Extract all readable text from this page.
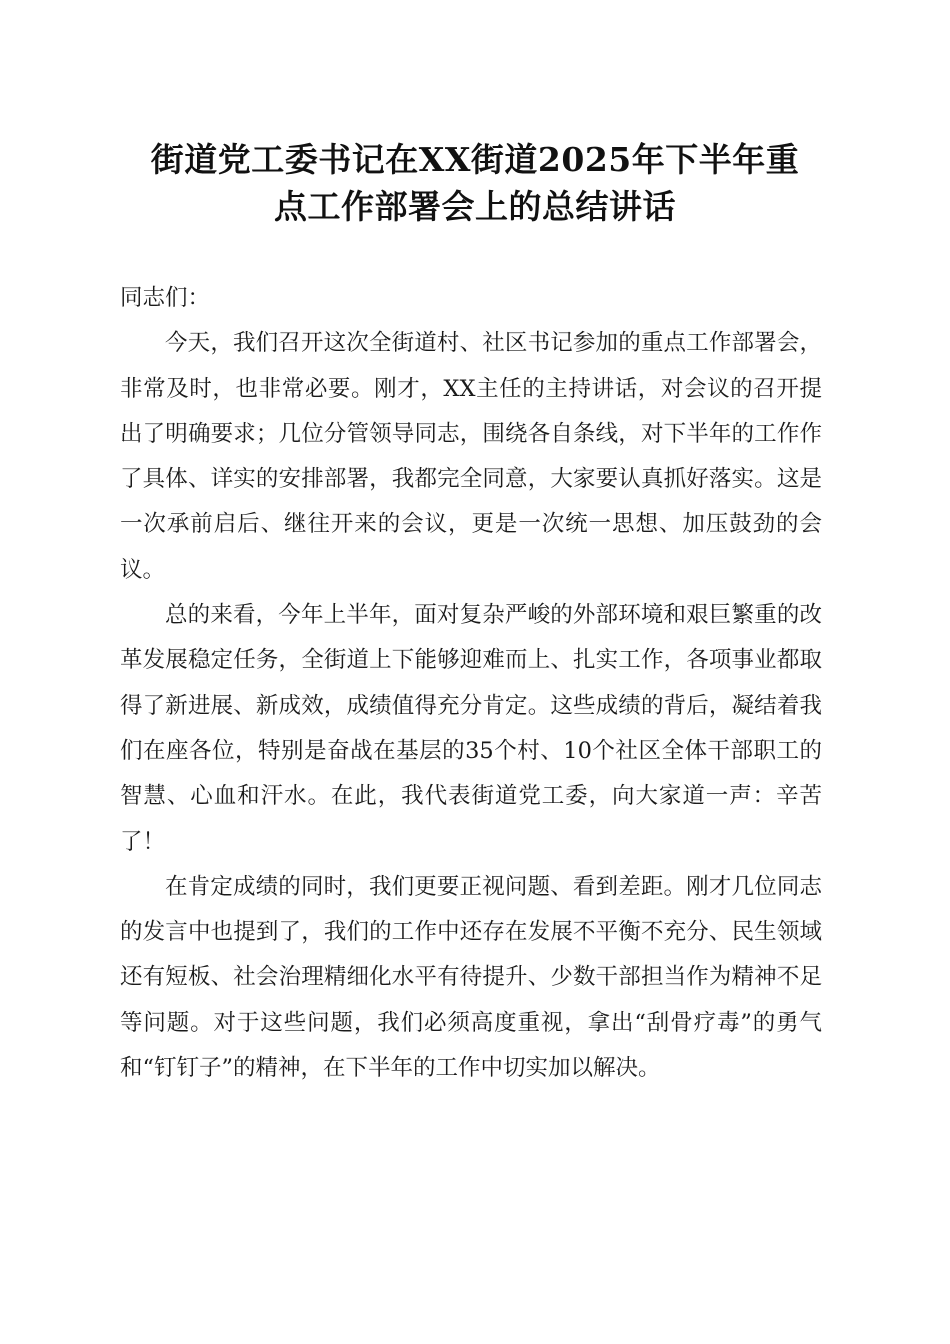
街道党工委书记在XX街道2025年下半年重
点工作部署会上的总结讲话

同志们：

今天，我们召开这次全街道村、社区书记参加的重点工作部署会，非常及时，也非常必要。刚才，XX主任的主持讲话，对会议的召开提出了明确要求；几位分管领导同志，围绕各自条线，对下半年的工作作了具体、详实的安排部署，我都完全同意，大家要认真抓好落实。这是一次承前启后、继往开来的会议，更是一次统一思想、加压鼓劲的会议。

总的来看，今年上半年，面对复杂严峻的外部环境和艰巨繁重的改革发展稳定任务，全街道上下能够迎难而上、扎实工作，各项事业都取得了新进展、新成效，成绩值得充分肯定。这些成绩的背后，凝结着我们在座各位，特别是奋战在基层的35个村、10个社区全体干部职工的智慧、心血和汗水。在此，我代表街道党工委，向大家道一声：辛苦了！

在肯定成绩的同时，我们更要正视问题、看到差距。刚才几位同志的发言中也提到了，我们的工作中还存在发展不平衡不充分、民生领域还有短板、社会治理精细化水平有待提升、少数干部担当作为精神不足等问题。对于这些问题，我们必须高度重视，拿出“刮骨疗毒”的勇气和“钉钉子”的精神，在下半年的工作中切实加以解决。
